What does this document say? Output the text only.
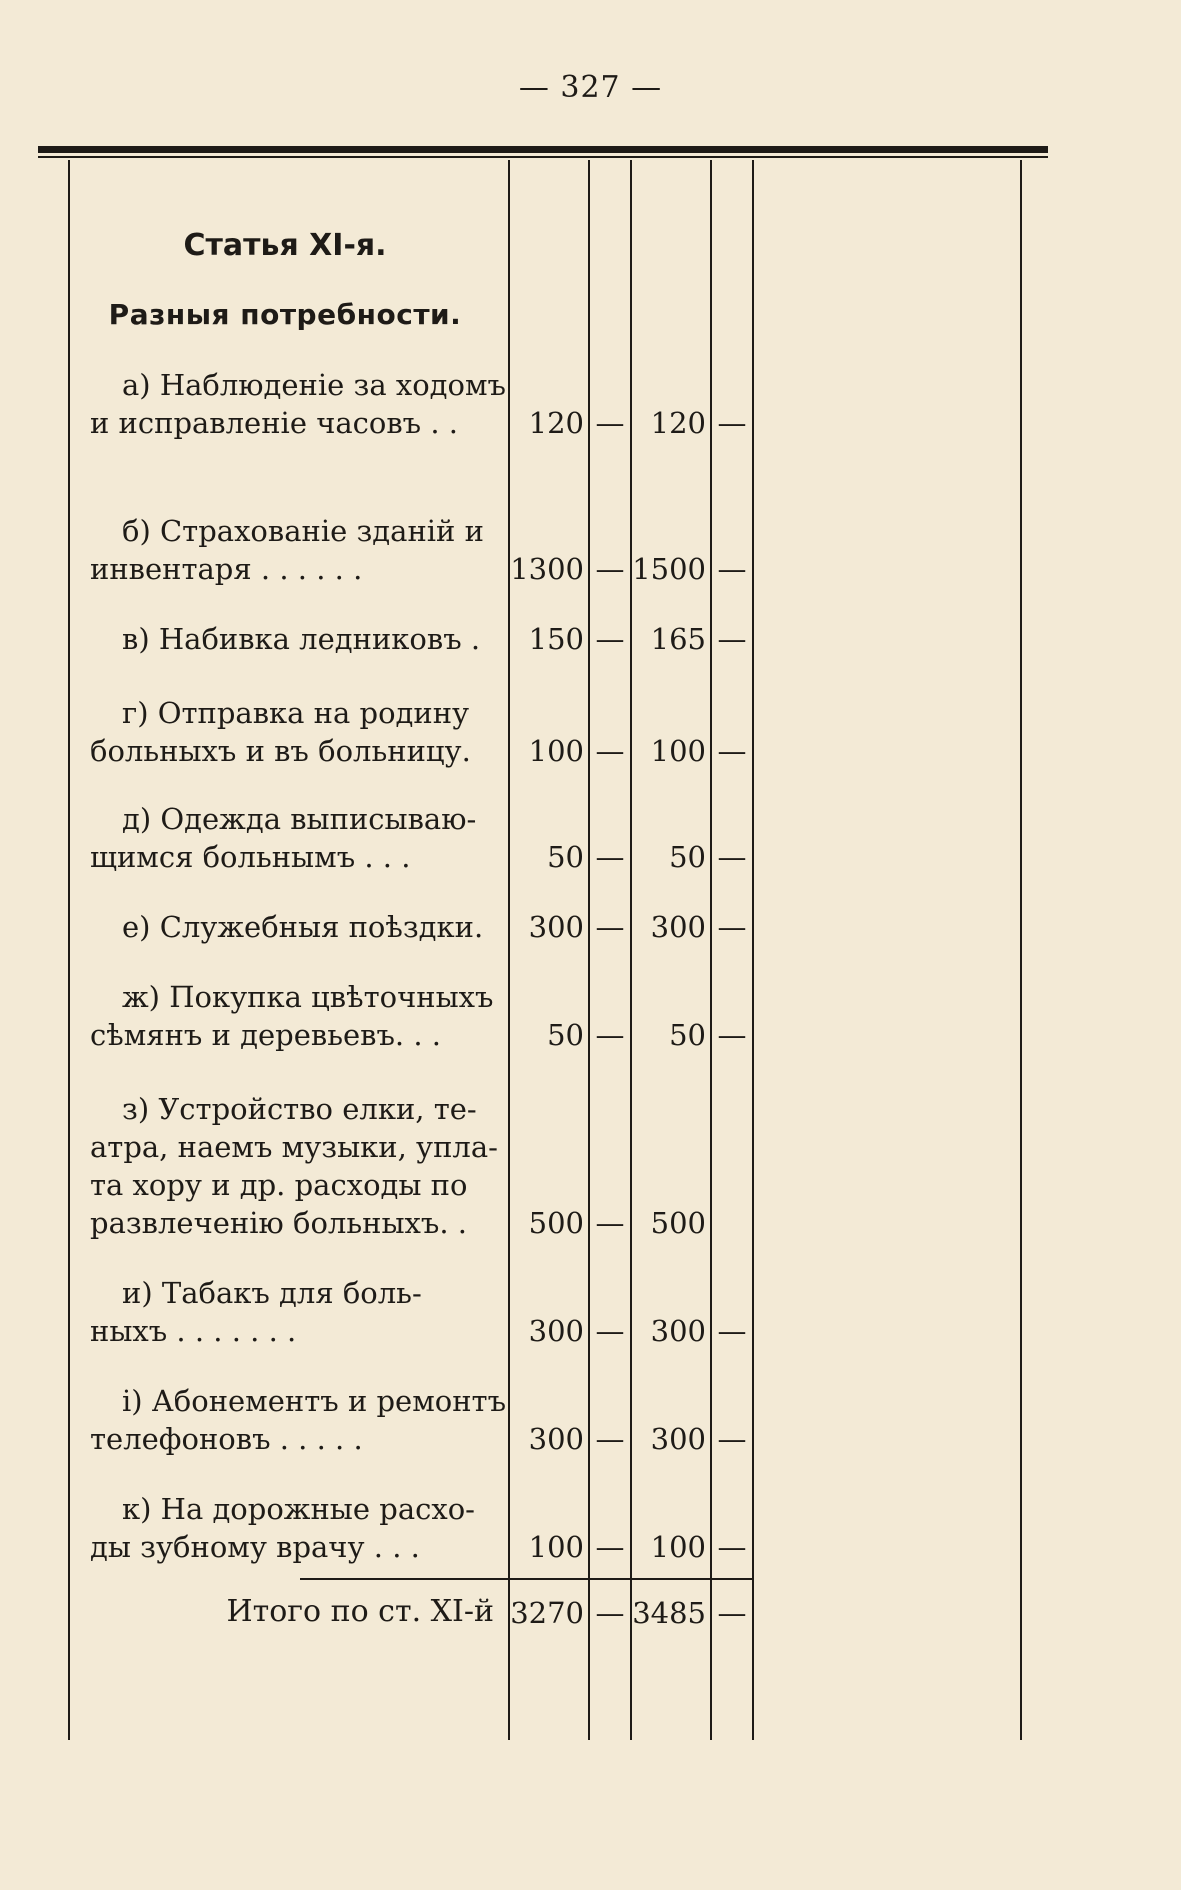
— 327 —
Статья XI-я.
Разныя потребности.
а) Наблюденіе за ходомъ
и исправленіе часовъ . .	120 — 120 —
б) Страхованіе зданій и
инвентаря . . . . . .	1300 — 1500 —
в) Набивка ледниковъ .	150 — 165 —
г) Отправка на родину
больныхъ и въ больницу.	100 — 100 —
д) Одежда выписываю-
щимся больнымъ . . .	50 —	50 —
е) Служебныя поѣздки.	300 — 300 —
ж) Покупка цвѣточныхъ
сѣмянъ и деревьевъ. . .	50 —	50 —
з) Устройство елки, те-
атра, наемъ музыки, упла-
та хору и др. расходы по
развлеченію больныхъ. .	500 — 500
и) Табакъ для боль-
ныхъ . . . . . . .	300 — 300 —
і) Абонементъ и ремонтъ
телефоновъ . . . . .	300 — 300 —
к) На дорожные расхо-
ды зубному врачу . . .	100 — 100 —
Итого по ст. XI-й 3270 — 3485 —
